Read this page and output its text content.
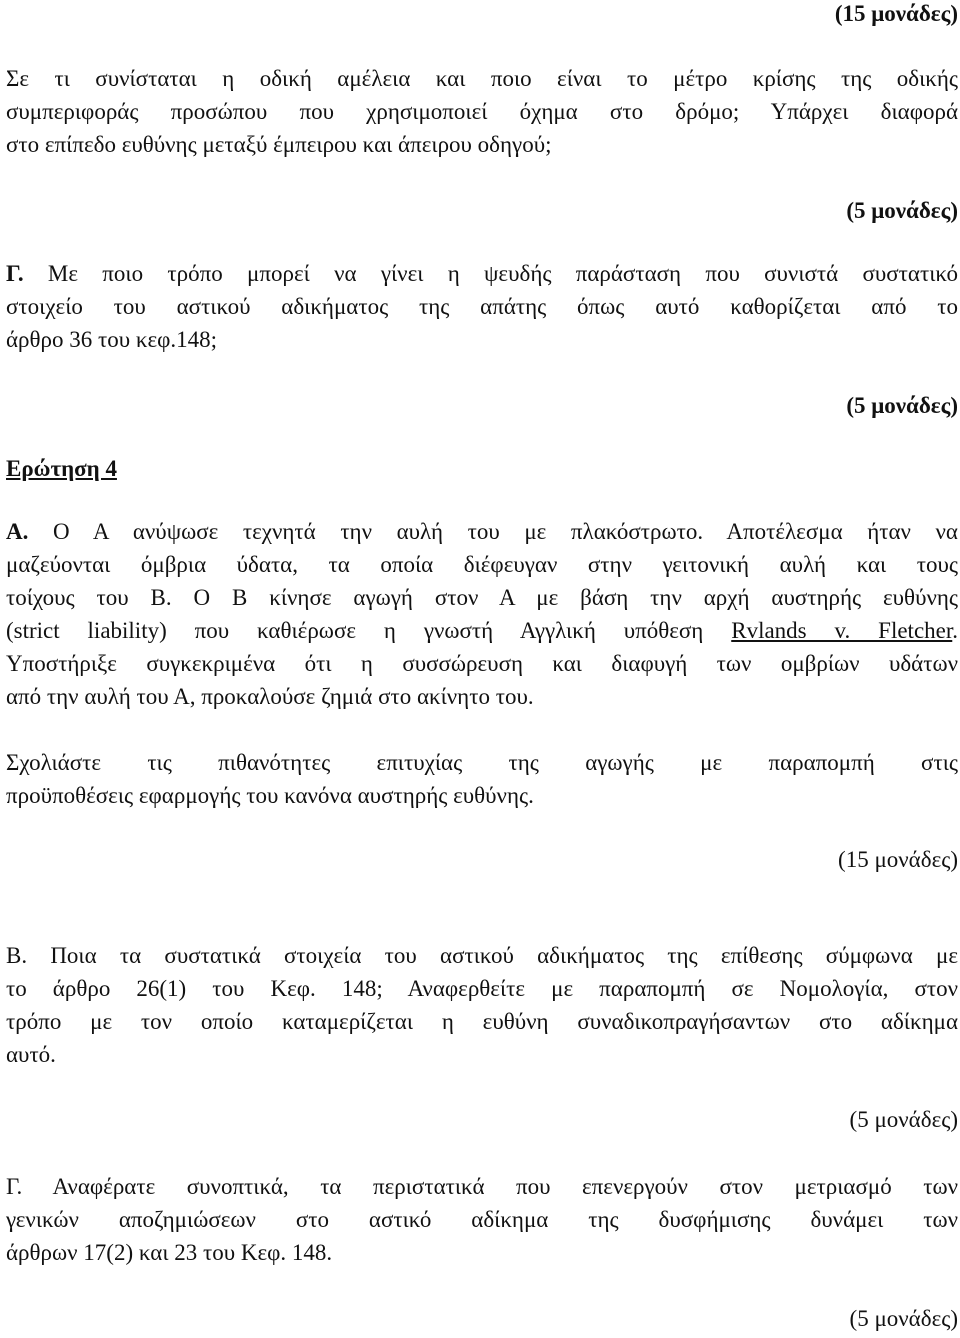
(15 μονάδες)
Σε τι συνίσταται η οδική αμέλεια και ποιο είναι το μέτρο κρίσης της οδικής
συμπεριφοράς προσώπου που χρησιμοποιεί όχημα στο δρόμο; Υπάρχει διαφορά
στο επίπεδο ευθύνης μεταξύ έμπειρου και άπειρου οδηγού;
(5 μονάδες)
Γ. Με ποιο τρόπο μπορεί να γίνει η ψευδής παράσταση που συνιστά συστατικό
στοιχείο του αστικού αδικήματος της απάτης όπως αυτό καθορίζεται από το
άρθρο 36 του κεφ.148;
(5 μονάδες)
Ερώτηση 4
Α. Ο Α ανύψωσε τεχνητά την αυλή του με πλακόστρωτο. Αποτέλεσμα ήταν να
μαζεύονται όμβρια ύδατα, τα οποία διέφευγαν στην γειτονική αυλή και τους
τοίχους του Β. Ο Β κίνησε αγωγή στον Α με βάση την αρχή αυστηρής ευθύνης
(strict liability) που καθιέρωσε η γνωστή Αγγλική υπόθεση Rvlands v. Fletcher.
Υποστήριξε συγκεκριμένα ότι η συσσώρευση και διαφυγή των ομβρίων υδάτων
από την αυλή του Α, προκαλούσε ζημιά στο ακίνητο του.
Σχολιάστε τις πιθανότητες επιτυχίας της αγωγής με παραπομπή στις
προϋποθέσεις εφαρμογής του κανόνα αυστηρής ευθύνης.
(15 μονάδες)
Β. Ποια τα συστατικά στοιχεία του αστικού αδικήματος της επίθεσης σύμφωνα με
το άρθρο 26(1) του Κεφ. 148; Αναφερθείτε με παραπομπή σε Νομολογία, στον
τρόπο με τον οποίο καταμερίζεται η ευθύνη συναδικοπραγήσαντων στο αδίκημα
αυτό.
(5 μονάδες)
Γ. Αναφέρατε συνοπτικά, τα περιστατικά που επενεργούν στον μετριασμό των
γενικών αποζημιώσεων στο αστικό αδίκημα της δυσφήμισης δυνάμει των
άρθρων 17(2) και 23 του Κεφ. 148.
(5 μονάδες)
